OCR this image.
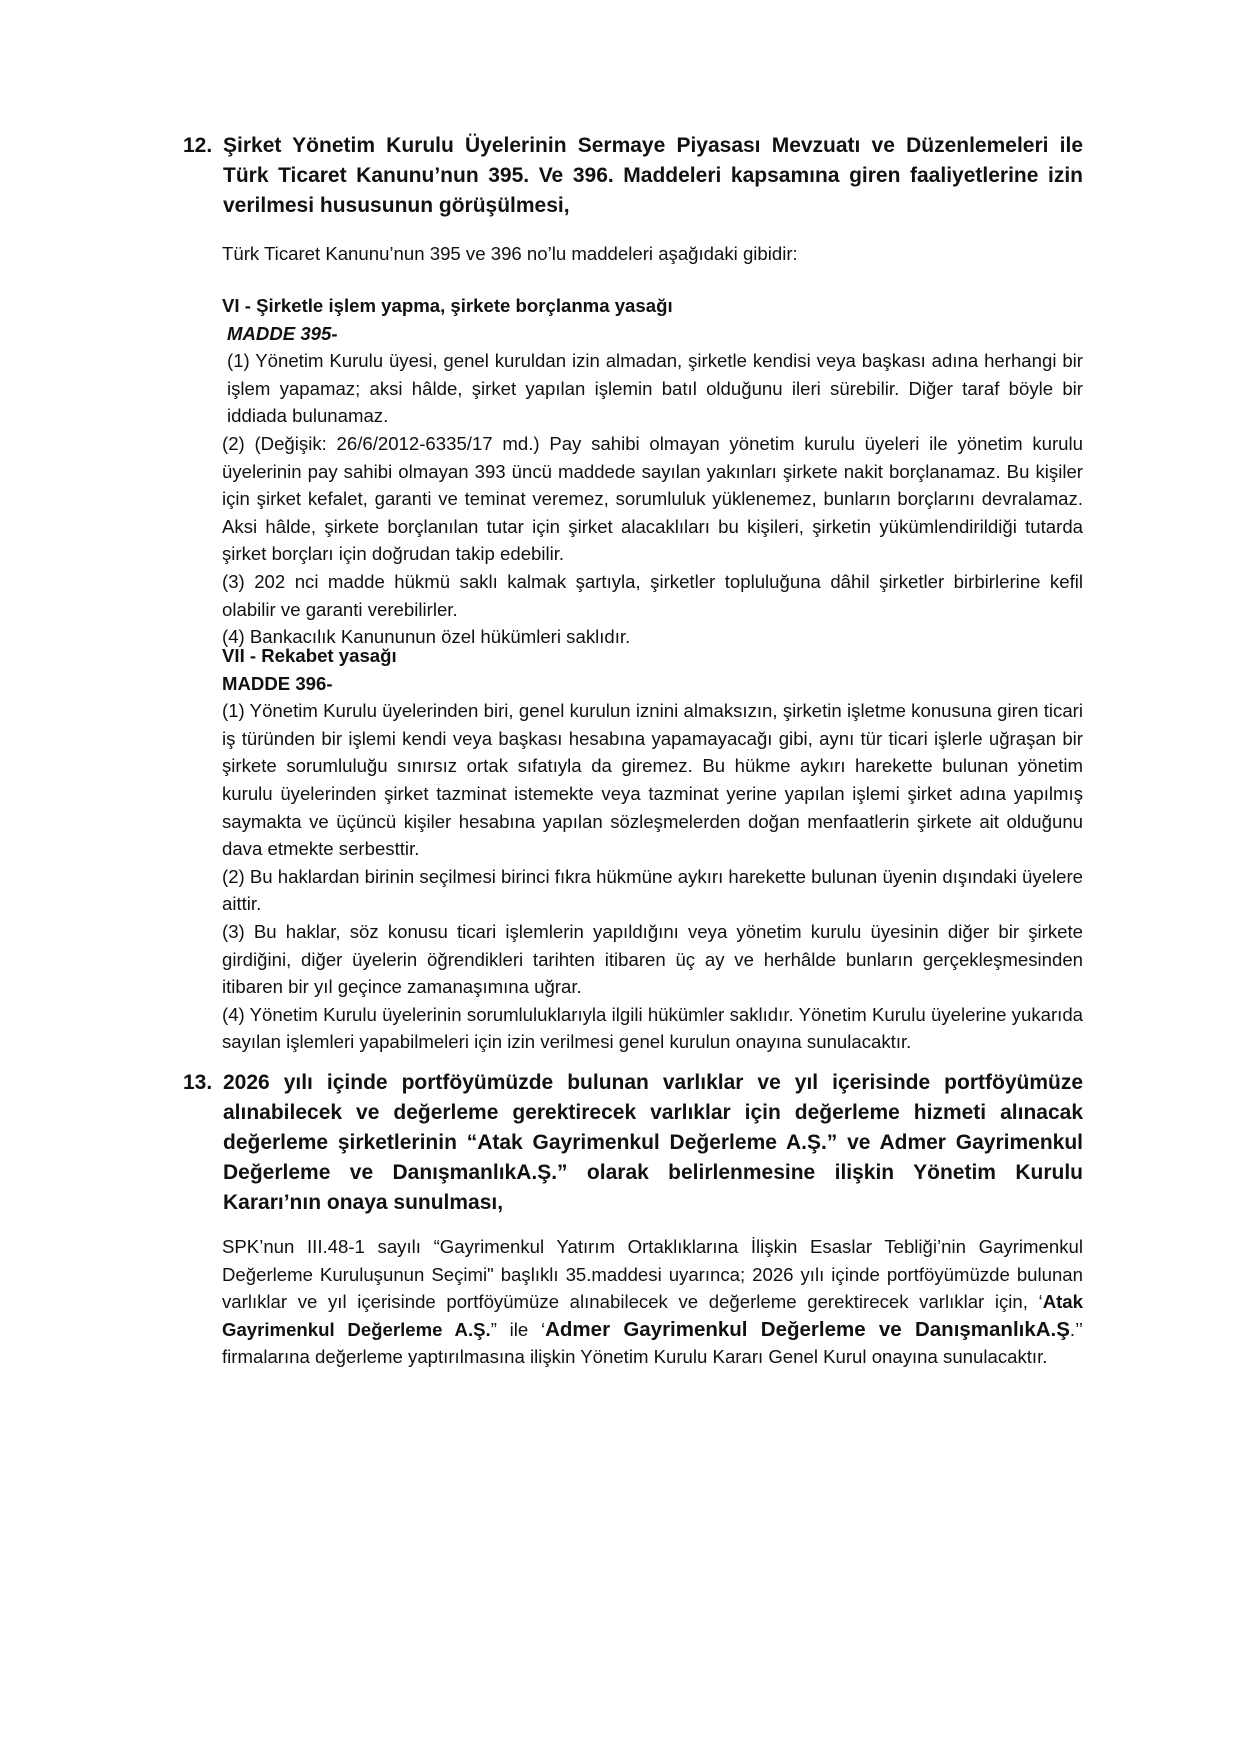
12. Şirket Yönetim Kurulu Üyelerinin Sermaye Piyasası Mevzuatı ve Düzenlemeleri ile Türk Ticaret Kanunu’nun 395. Ve 396. Maddeleri kapsamına giren faaliyetlerine izin verilmesi hususunun görüşülmesi,

Türk Ticaret Kanunu’nun 395 ve 396 no’lu maddeleri aşağıdaki gibidir:

VI - Şirketle işlem yapma, şirkete borçlanma yasağı

MADDE 395-

(1) Yönetim Kurulu üyesi, genel kuruldan izin almadan, şirketle kendisi veya başkası adına herhangi bir işlem yapamaz; aksi hâlde, şirket yapılan işlemin batıl olduğunu ileri sürebilir. Diğer taraf böyle bir iddiada bulunamaz.

(2) (Değişik: 26/6/2012-6335/17 md.) Pay sahibi olmayan yönetim kurulu üyeleri ile yönetim kurulu üyelerinin pay sahibi olmayan 393 üncü maddede sayılan yakınları şirkete nakit borçlanamaz. Bu kişiler için şirket kefalet, garanti ve teminat veremez, sorumluluk yüklenemez, bunların borçlarını devralamaz. Aksi hâlde, şirkete borçlanılan tutar için şirket alacaklıları bu kişileri, şirketin yükümlendirildiği tutarda şirket borçları için doğrudan takip edebilir.

(3) 202 nci madde hükmü saklı kalmak şartıyla, şirketler topluluğuna dâhil şirketler birbirlerine kefil olabilir ve garanti verebilirler.

(4) Bankacılık Kanununun özel hükümleri saklıdır.

VII - Rekabet yasağı

MADDE 396-

(1) Yönetim Kurulu üyelerinden biri, genel kurulun iznini almaksızın, şirketin işletme konusuna giren ticari iş türünden bir işlemi kendi veya başkası hesabına yapamayacağı gibi, aynı tür ticari işlerle uğraşan bir şirkete sorumluluğu sınırsız ortak sıfatıyla da giremez. Bu hükme aykırı harekette bulunan yönetim kurulu üyelerinden şirket tazminat istemekte veya tazminat yerine yapılan işlemi şirket adına yapılmış saymakta ve üçüncü kişiler hesabına yapılan sözleşmelerden doğan menfaatlerin şirkete ait olduğunu dava etmekte serbesttir.

(2) Bu haklardan birinin seçilmesi birinci fıkra hükmüne aykırı harekette bulunan üyenin dışındaki üyelere aittir.

(3) Bu haklar, söz konusu ticari işlemlerin yapıldığını veya yönetim kurulu üyesinin diğer bir şirkete girdiğini, diğer üyelerin öğrendikleri tarihten itibaren üç ay ve herhâlde bunların gerçekleşmesinden itibaren bir yıl geçince zamanaşımına uğrar.

(4) Yönetim Kurulu üyelerinin sorumluluklarıyla ilgili hükümler saklıdır. Yönetim Kurulu üyelerine yukarıda sayılan işlemleri yapabilmeleri için izin verilmesi genel kurulun onayına sunulacaktır.

13. 2026 yılı içinde portföyümüzde bulunan varlıklar ve yıl içerisinde portföyümüze alınabilecek ve değerleme gerektirecek varlıklar için değerleme hizmeti alınacak değerleme şirketlerinin “Atak Gayrimenkul Değerleme A.Ş.” ve Admer Gayrimenkul Değerleme ve DanışmanlıkA.Ş.” olarak belirlenmesine ilişkin Yönetim Kurulu Kararı’nın onaya sunulması,

SPK’nun III.48-1 sayılı “Gayrimenkul Yatırım Ortaklıklarına İlişkin Esaslar Tebliği’nin Gayrimenkul Değerleme Kuruluşunun Seçimi" başlıklı 35.maddesi uyarınca; 2026 yılı içinde portföyümüzde bulunan varlıklar ve yıl içerisinde portföyümüze alınabilecek ve değerleme gerektirecek varlıklar için, ‘Atak Gayrimenkul Değerleme A.Ş.” ile ‘Admer Gayrimenkul Değerleme ve DanışmanlıkA.Ş.’’ firmalarına değerleme yaptırılmasına ilişkin Yönetim Kurulu Kararı Genel Kurul onayına sunulacaktır.
